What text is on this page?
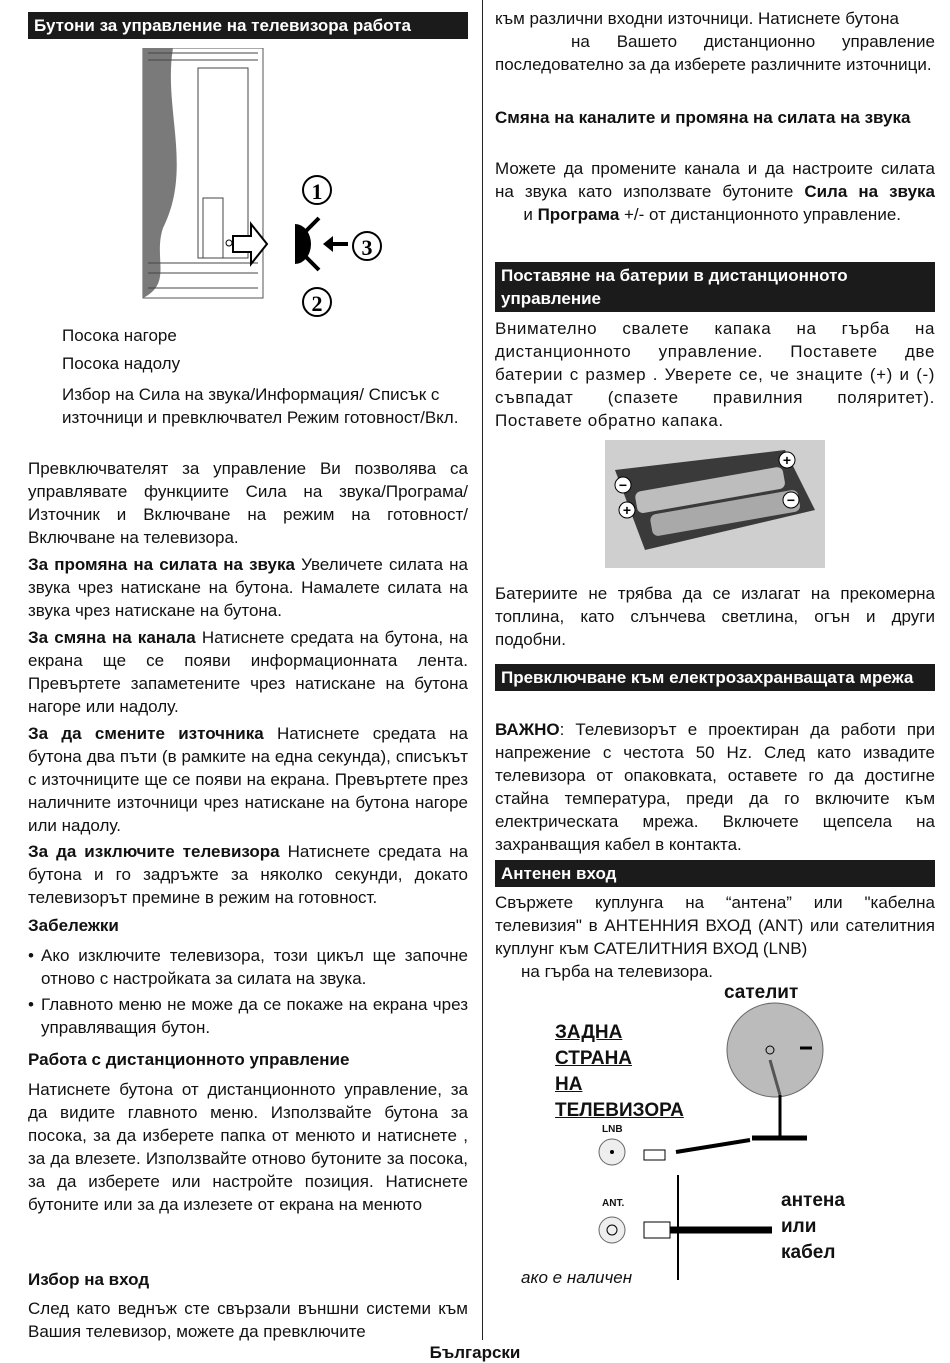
Бутони за управление на телевизора работа
1
2
3

Посока нагоре

Посока надолу

Избор на Сила на звука/Информация/ Списък с източници и превключвател Режим готовност/Вкл.

Превключвателят за управление Ви позволява са управлявате функциите Сила на звука/Програма/ Източник и Включване на режим на готовност/ Включване на телевизора.

За промяна на силата на звука Увеличете силата на звука чрез натискане на бутона. Намалете силата на звука чрез натискане на бутона.

За смяна на канала Натиснете средата на бутона, на екрана ще се появи информационната лента. Превъртете запаметените чрез натискане на бутона нагоре или надолу.

За да смените източника Натиснете средата на бутона два пъти (в рамките на една секунда), списъкът с източниците ще се появи на екрана. Превъртете през наличните източници чрез натискане на бутона нагоре или надолу.

За да изключите телевизора Натиснете средата на бутона и го задръжте за няколко секунди, докато телевизорът премине в режим на готовност.

Забележки

• Ако изключите телевизора, този цикъл ще започне отново с настройката за силата на звука.

• Главното меню не може да се покаже на екрана чрез управляващия бутон.

Работа с дистанционното управление

Натиснете бутона от дистанционното управление, за да видите главното меню. Използвайте бутона за посока, за да изберете папка от менюто и натиснете , за да влезете. Използвайте отново бутоните за посока, за да изберете или настройте позиция. Натиснете бутоните или за да излезете от екрана на менюто

Избор на вход

След като веднъж сте свързали външни системи към Вашия телевизор, можете да превключите

към различни входни източници. Натиснете бутона

на Вашето дистанционно управление последователно за да изберете различните източници.

Смяна на каналите и промяна на силата на звука

Можете да промените канала и да настроите силата на звука като използвате бутоните Сила на звука      и Програма +/- от дистанционното управление.

Поставяне на батерии в дистанционното управление

Внимателно свалете капака на гърба на дистанционното управление. Поставете две батерии с размер . Уверете се, че знаците (+) и (-) съвпадат (спазете правилния поляритет). Поставете обратно капака.

+
−
+
−

Батериите не трябва да се излагат на прекомерна топлина, като слънчева светлина, огън и други подобни.

Превключване към електрозахранващата мрежа

ВАЖНО: Телевизорът е проектиран да работи при напрежение с честота 50 Hz. След като извадите телевизора от опаковката, оставете го да достигне стайна температура, преди да го включите към електрическата мрежа. Включете щепсела на захранващия кабел в контакта.

Антенен вход

Свържете куплунга на “антена” или "кабелна телевизия" в АНТЕННИЯ ВХОД (ANT) или сателитния куплунг към САТЕЛИТНИЯ ВХОД (LNB)

на гърба на телевизора.

сателит
ЗАДНА
СТРАНА
НА
ТЕЛЕВИЗОРА
LNB
ANT.	антена
или
кабел
ако е наличен
Български
